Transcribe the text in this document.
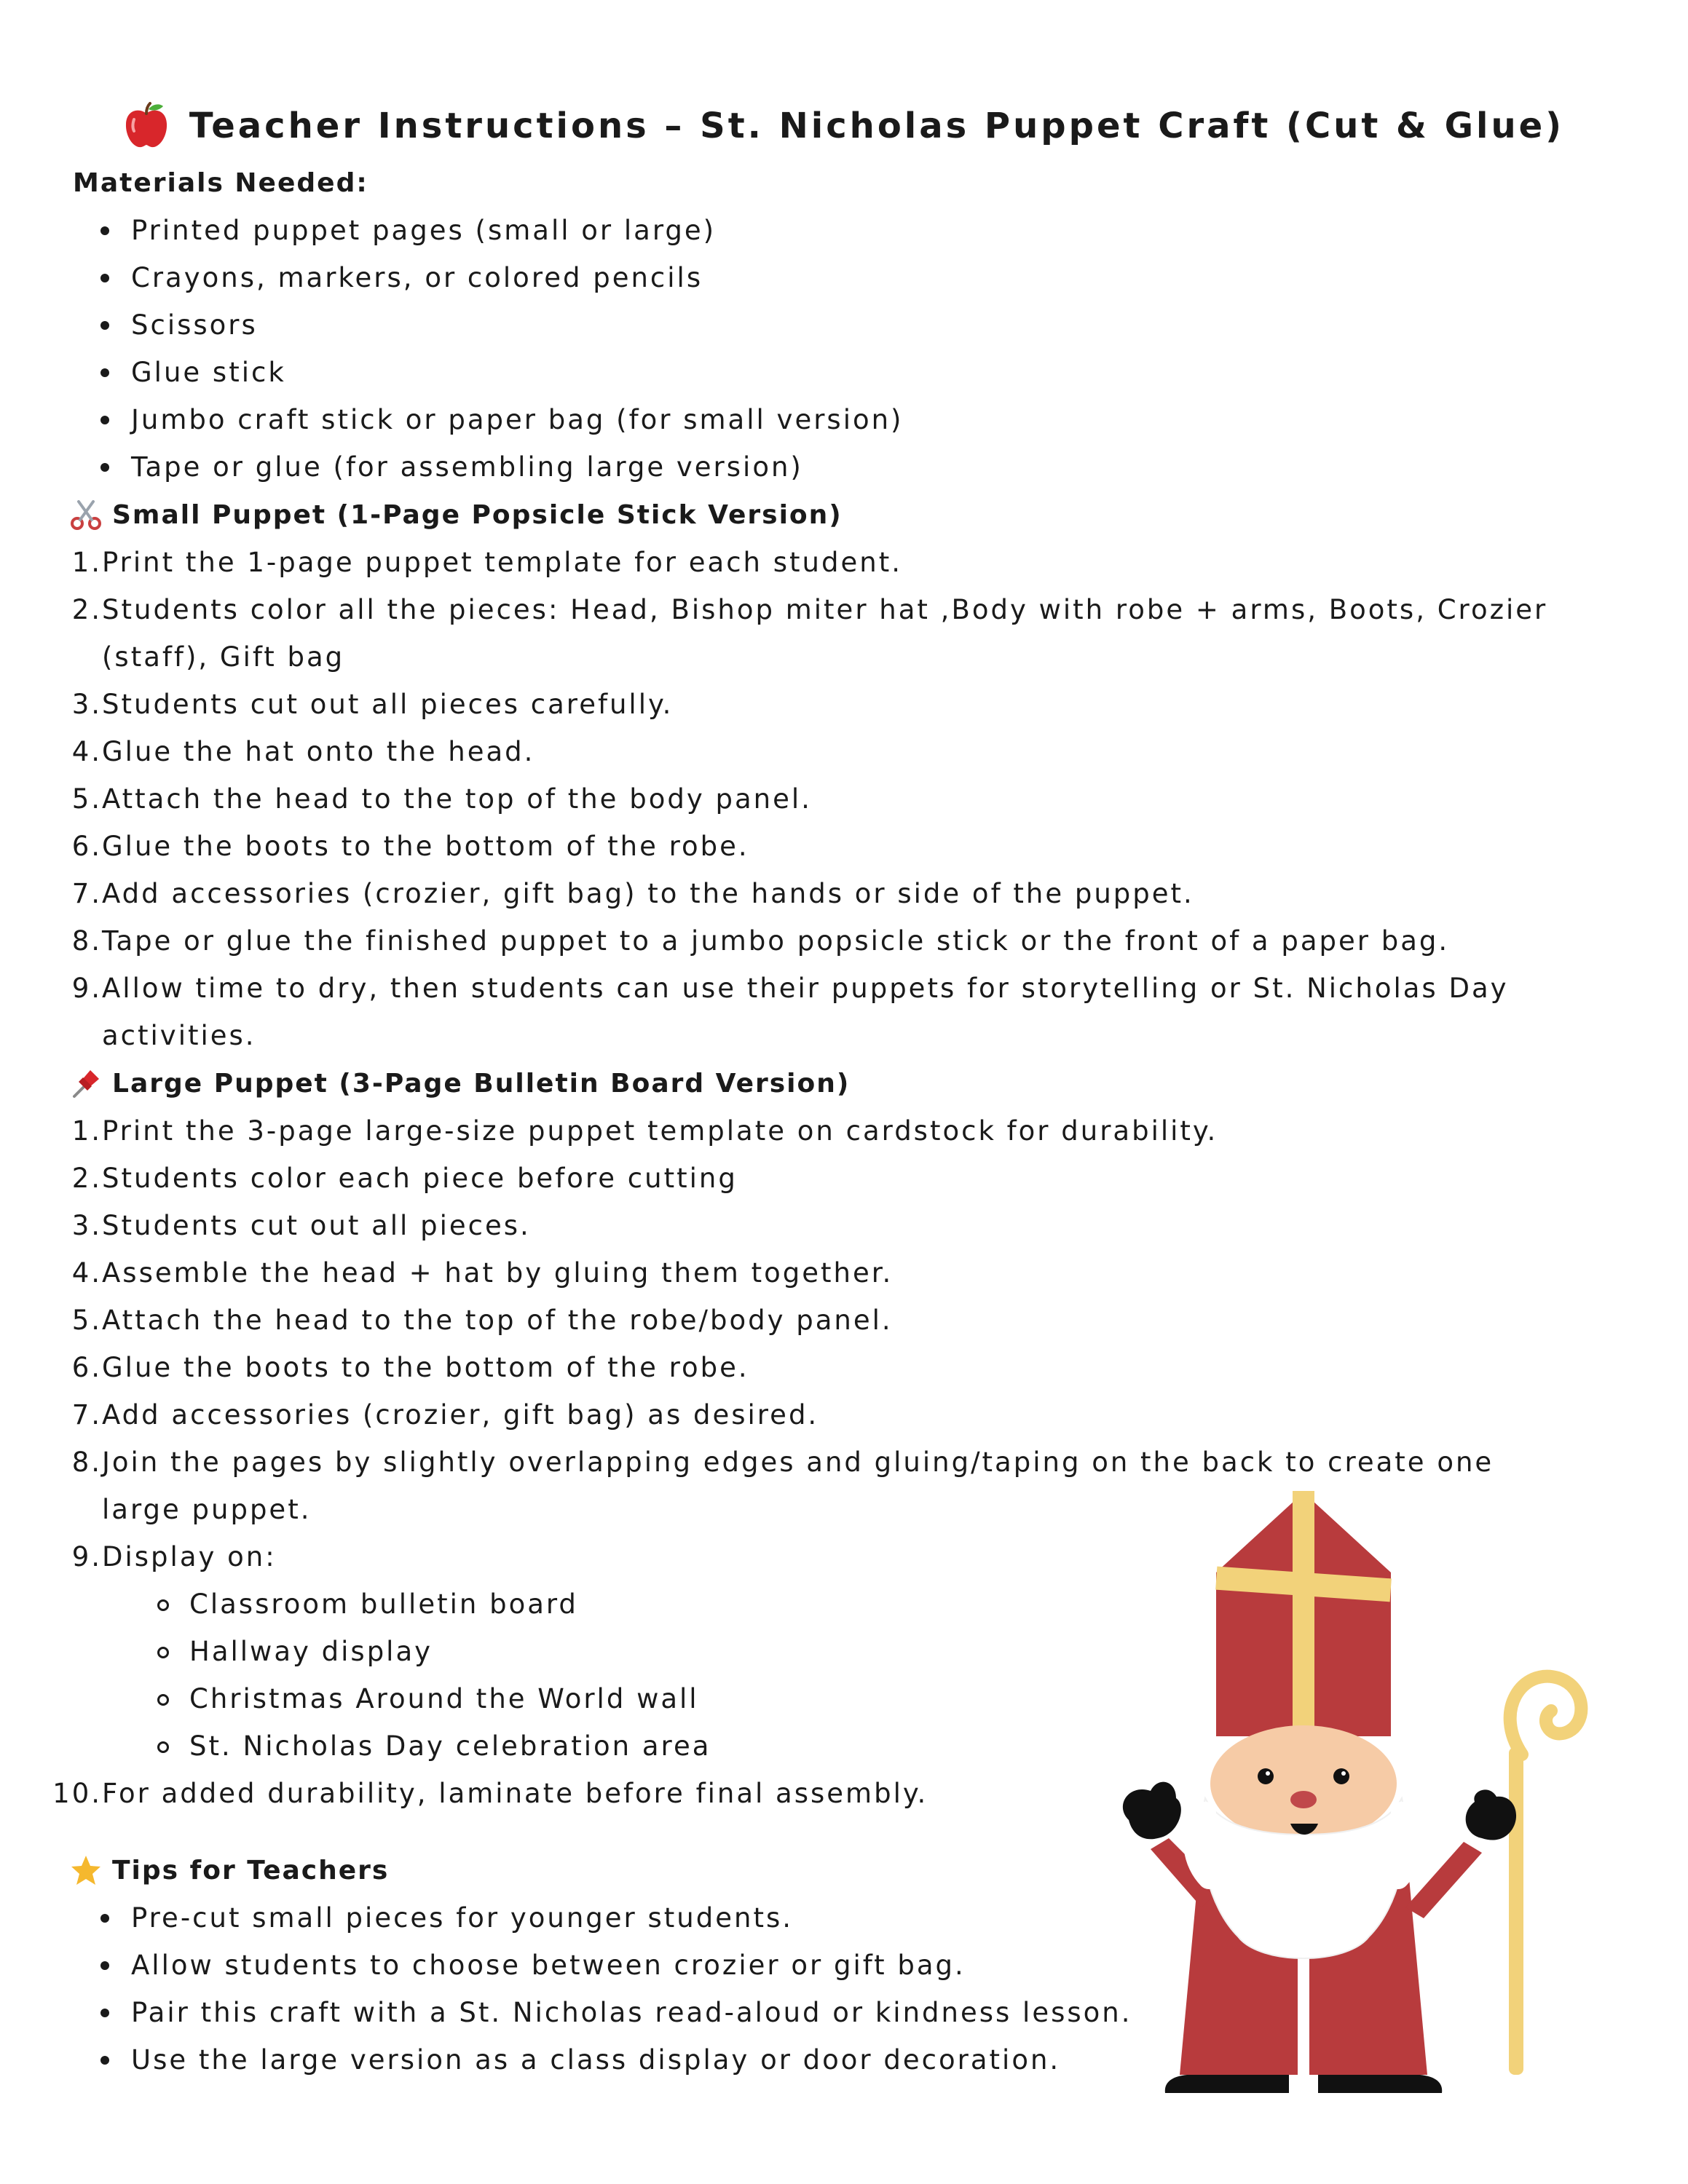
Teacher Instructions – St. Nicholas Puppet Craft (Cut & Glue)
Materials Needed:
Printed puppet pages (small or large)
Crayons, markers, or colored pencils
Scissors
Glue stick
Jumbo craft stick or paper bag (for small version)
Tape or glue (for assembling large version)
Small Puppet (1-Page Popsicle Stick Version)
1. Print the 1-page puppet template for each student.
2. Students color all the pieces: Head, Bishop miter hat ,Body with robe + arms, Boots, Crozier (staff), Gift bag
3. Students cut out all pieces carefully.
4. Glue the hat onto the head.
5. Attach the head to the top of the body panel.
6. Glue the boots to the bottom of the robe.
7. Add accessories (crozier, gift bag) to the hands or side of the puppet.
8. Tape or glue the finished puppet to a jumbo popsicle stick or the front of a paper bag.
9. Allow time to dry, then students can use their puppets for storytelling or St. Nicholas Day activities.
Large Puppet (3-Page Bulletin Board Version)
1. Print the 3-page large-size puppet template on cardstock for durability.
2. Students color each piece before cutting
3. Students cut out all pieces.
4. Assemble the head + hat by gluing them together.
5. Attach the head to the top of the robe/body panel.
6. Glue the boots to the bottom of the robe.
7. Add accessories (crozier, gift bag) as desired.
8. Join the pages by slightly overlapping edges and gluing/taping on the back to create one large puppet.
9. Display on:
Classroom bulletin board
Hallway display
Christmas Around the World wall
St. Nicholas Day celebration area
10. For added durability, laminate before final assembly.
Tips for Teachers
Pre-cut small pieces for younger students.
Allow students to choose between crozier or gift bag.
Pair this craft with a St. Nicholas read-aloud or kindness lesson.
Use the large version as a class display or door decoration.
